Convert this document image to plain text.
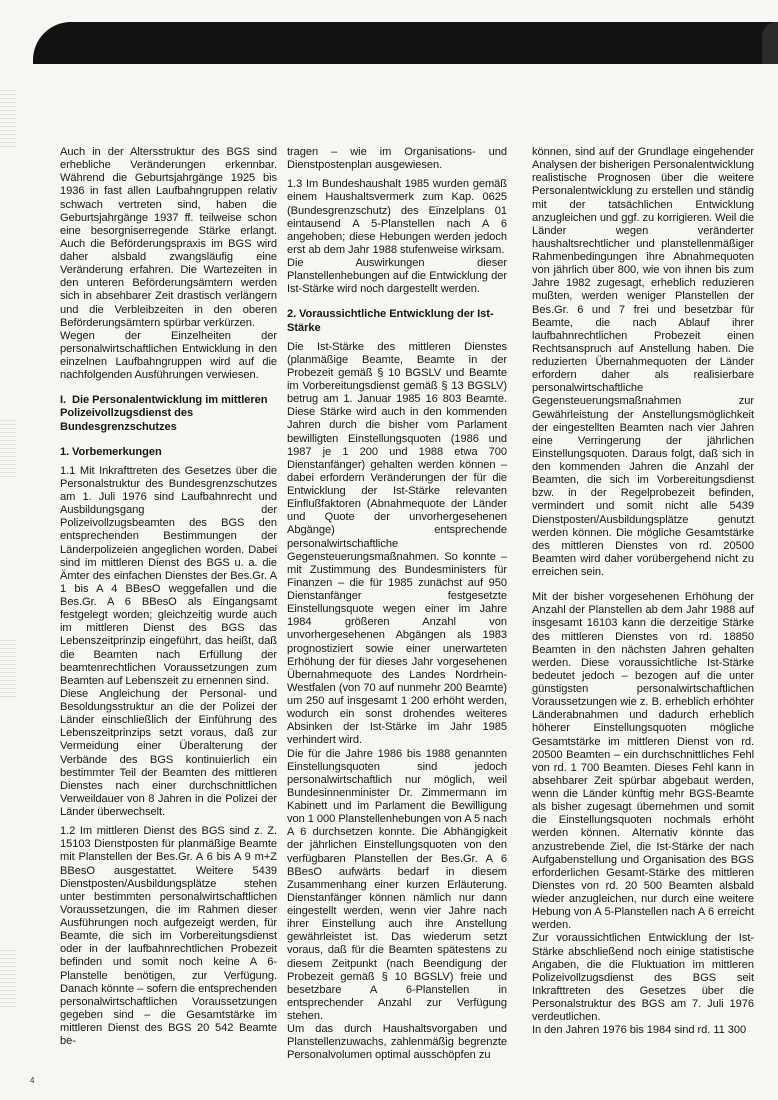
Auch in der Altersstruktur des BGS sind erhebliche Veränderungen erkennbar. Während die Geburtsjahrgänge 1925 bis 1936 in fast allen Laufbahngruppen relativ schwach vertreten sind, haben die Geburtsjahrgänge 1937 ff. teilweise schon eine besorgniserregende Stärke erlangt. Auch die Beförderungspraxis im BGS wird daher alsbald zwangsläufig eine Veränderung erfahren. Die Wartezeiten in den unteren Beförderungsämtern werden sich in absehbarer Zeit drastisch verlängern und die Verbleibzeiten in den oberen Beförderungsämtern spürbar verkürzen.

Wegen der Einzelheiten der personalwirtschaftlichen Entwicklung in den einzelnen Laufbahngruppen wird auf die nachfolgenden Ausführungen verwiesen.

I. Die Personalentwicklung im mittleren Polizeivollzugsdienst des Bundesgrenzschutzes
1. Vorbemerkungen

1.1 Mit Inkrafttreten des Gesetzes über die Personalstruktur des Bundesgrenzschutzes am 1. Juli 1976 sind Laufbahnrecht und Ausbildungsgang der Polizeivollzugsbeamten des BGS den entsprechenden Bestimmungen der Länderpolizeien angeglichen worden. Dabei sind im mittleren Dienst des BGS u. a. die Ämter des einfachen Dienstes der Bes.Gr. A 1 bis A 4 BBesO weggefallen und die Bes.Gr. A 6 BBesO als Eingangsamt festgelegt worden; gleichzeitig wurde auch im mittleren Dienst des BGS das Lebenszeitprinzip eingeführt, das heißt, daß die Beamten nach Erfüllung der beamtenrechtlichen Voraussetzungen zum Beamten auf Lebenszeit zu ernennen sind.

Diese Angleichung der Personal- und Besoldungsstruktur an die der Polizei der Länder einschließlich der Einführung des Lebenszeitprinzips setzt voraus, daß zur Vermeidung einer Überalterung der Verbände des BGS kontinuierlich ein bestimmter Teil der Beamten des mittleren Dienstes nach einer durchschnittlichen Verweildauer von 8 Jahren in die Polizei der Länder überwechselt.

1.2 Im mittleren Dienst des BGS sind z. Z. 15103 Dienstposten für planmäßige Beamte mit Planstellen der Bes.Gr. A 6 bis A 9 m+Z BBesO ausgestattet. Weitere 5439 Dienstposten/Ausbildungsplätze stehen unter bestimmten personalwirtschaftlichen Voraussetzungen, die im Rahmen dieser Ausführungen noch aufgezeigt werden, für Beamte, die sich im Vorbereitungsdienst oder in der laufbahnrechtlichen Probezeit befinden und somit noch keine A 6-Planstelle benötigen, zur Verfügung. Danach könnte – sofern die entsprechenden personalwirtschaftlichen Voraussetzungen gegeben sind – die Gesamtstärke im mittleren Dienst des BGS 20 542 Beamte be-

tragen – wie im Organisations- und Dienstpostenplan ausgewiesen.

1.3 Im Bundeshaushalt 1985 wurden gemäß einem Haushaltsvermerk zum Kap. 0625 (Bundesgrenzschutz) des Einzelplans 01 eintausend A 5-Planstellen nach A 6 angehoben; diese Hebungen werden jedoch erst ab dem Jahr 1988 stufenweise wirksam.

Die Auswirkungen dieser Planstellenhebungen auf die Entwicklung der Ist-Stärke wird noch dargestellt werden.

2. Voraussichtliche Entwicklung der Ist-Stärke

Die Ist-Stärke des mittleren Dienstes (planmäßige Beamte, Beamte in der Probezeit gemäß § 10 BGSLV und Beamte im Vorbereitungsdienst gemäß § 13 BGSLV) betrug am 1. Januar 1985 16 803 Beamte. Diese Stärke wird auch in den kommenden Jahren durch die bisher vom Parlament bewilligten Einstellungsquoten (1986 und 1987 je 1 200 und 1988 etwa 700 Dienstanfänger) gehalten werden können – dabei erfordern Veränderungen der für die Entwicklung der Ist-Stärke relevanten Einflußfaktoren (Abnahmequote der Länder und Quote der unvorhergesehenen Abgänge) entsprechende personalwirtschaftliche Gegensteuerungsmaßnahmen. So konnte – mit Zustimmung des Bundesministers für Finanzen – die für 1985 zunächst auf 950 Dienstanfänger festgesetzte Einstellungsquote wegen einer im Jahre 1984 größeren Anzahl von unvorhergesehenen Abgängen als 1983 prognostiziert sowie einer unerwarteten Erhöhung der für dieses Jahr vorgesehenen Übernahmequote des Landes Nordrhein-Westfalen (von 70 auf nunmehr 200 Beamte) um 250 auf insgesamt 1 200 erhöht werden, wodurch ein sonst drohendes weiteres Absinken der Ist-Stärke im Jahr 1985 verhindert wird.

Die für die Jahre 1986 bis 1988 genannten Einstellungsquoten sind jedoch personalwirtschaftlich nur möglich, weil Bundesinnenminister Dr. Zimmermann im Kabinett und im Parlament die Bewilligung von 1 000 Planstellenhebungen von A 5 nach A 6 durchsetzen konnte. Die Abhängigkeit der jährlichen Einstellungsquoten von den verfügbaren Planstellen der Bes.Gr. A 6 BBesO aufwärts bedarf in diesem Zusammenhang einer kurzen Erläuterung. Dienstanfänger können nämlich nur dann eingestellt werden, wenn vier Jahre nach ihrer Einstellung auch ihre Anstellung gewährleistet ist. Das wiederum setzt voraus, daß für die Beamten spätestens zu diesem Zeitpunkt (nach Beendigung der Probezeit gemäß § 10 BGSLV) freie und besetzbare A 6-Planstellen in entsprechender Anzahl zur Verfügung stehen.

Um das durch Haushaltsvorgaben und Planstellenzuwachs, zahlenmäßig begrenzte Personalvolumen optimal ausschöpfen zu

können, sind auf der Grundlage eingehender Analysen der bisherigen Personalentwicklung realistische Prognosen über die weitere Personalentwicklung zu erstellen und ständig mit der tatsächlichen Entwicklung anzugleichen und ggf. zu korrigieren. Weil die Länder wegen veränderter haushaltsrechtlicher und planstellenmäßiger Rahmenbedingungen ihre Abnahmequoten von jährlich über 800, wie von ihnen bis zum Jahre 1982 zugesagt, erheblich reduzieren mußten, werden weniger Planstellen der Bes.Gr. 6 und 7 frei und besetzbar für Beamte, die nach Ablauf ihrer laufbahnrechtlichen Probezeit einen Rechtsanspruch auf Anstellung haben. Die reduzierten Übernahmequoten der Länder erfordern daher als realisierbare personalwirtschaftliche Gegensteuerungsmaßnahmen zur Gewährleistung der Anstellungsmöglichkeit der eingestellten Beamten nach vier Jahren eine Verringerung der jährlichen Einstellungsquoten. Daraus folgt, daß sich in den kommenden Jahren die Anzahl der Beamten, die sich im Vorbereitungsdienst bzw. in der Regelprobezeit befinden, vermindert und somit nicht alle 5439 Dienstposten/Ausbildungsplätze genutzt werden können. Die mögliche Gesamtstärke des mittleren Dienstes von rd. 20500 Beamten wird daher vorübergehend nicht zu erreichen sein.

Mit der bisher vorgesehenen Erhöhung der Anzahl der Planstellen ab dem Jahr 1988 auf insgesamt 16103 kann die derzeitige Stärke des mittleren Dienstes von rd. 18850 Beamten in den nächsten Jahren gehalten werden. Diese voraussichtliche Ist-Stärke bedeutet jedoch – bezogen auf die unter günstigsten personalwirtschaftlichen Voraussetzungen wie z. B. erheblich erhöhter Länderabnahmen und dadurch erheblich höherer Einstellungsquoten mögliche Gesamtstärke im mittleren Dienst von rd. 20500 Beamten – ein durchschnittliches Fehl von rd. 1 700 Beamten. Dieses Fehl kann in absehbarer Zeit spürbar abgebaut werden, wenn die Länder künftig mehr BGS-Beamte als bisher zugesagt übernehmen und somit die Einstellungsquoten nochmals erhöht werden können. Alternativ könnte das anzustrebende Ziel, die Ist-Stärke der nach Aufgabenstellung und Organisation des BGS erforderlichen Gesamt-Stärke des mittleren Dienstes von rd. 20 500 Beamten alsbald wieder anzugleichen, nur durch eine weitere Hebung von A 5-Planstellen nach A 6 erreicht werden.

Zur voraussichtlichen Entwicklung der Ist-Stärke abschließend noch einige statistische Angaben, die die Fluktuation im mittleren Polizeivollzugsdienst des BGS seit Inkrafttreten des Gesetzes über die Personalstruktur des BGS am 7. Juli 1976 verdeutlichen.

In den Jahren 1976 bis 1984 sind rd. 11 300

4
